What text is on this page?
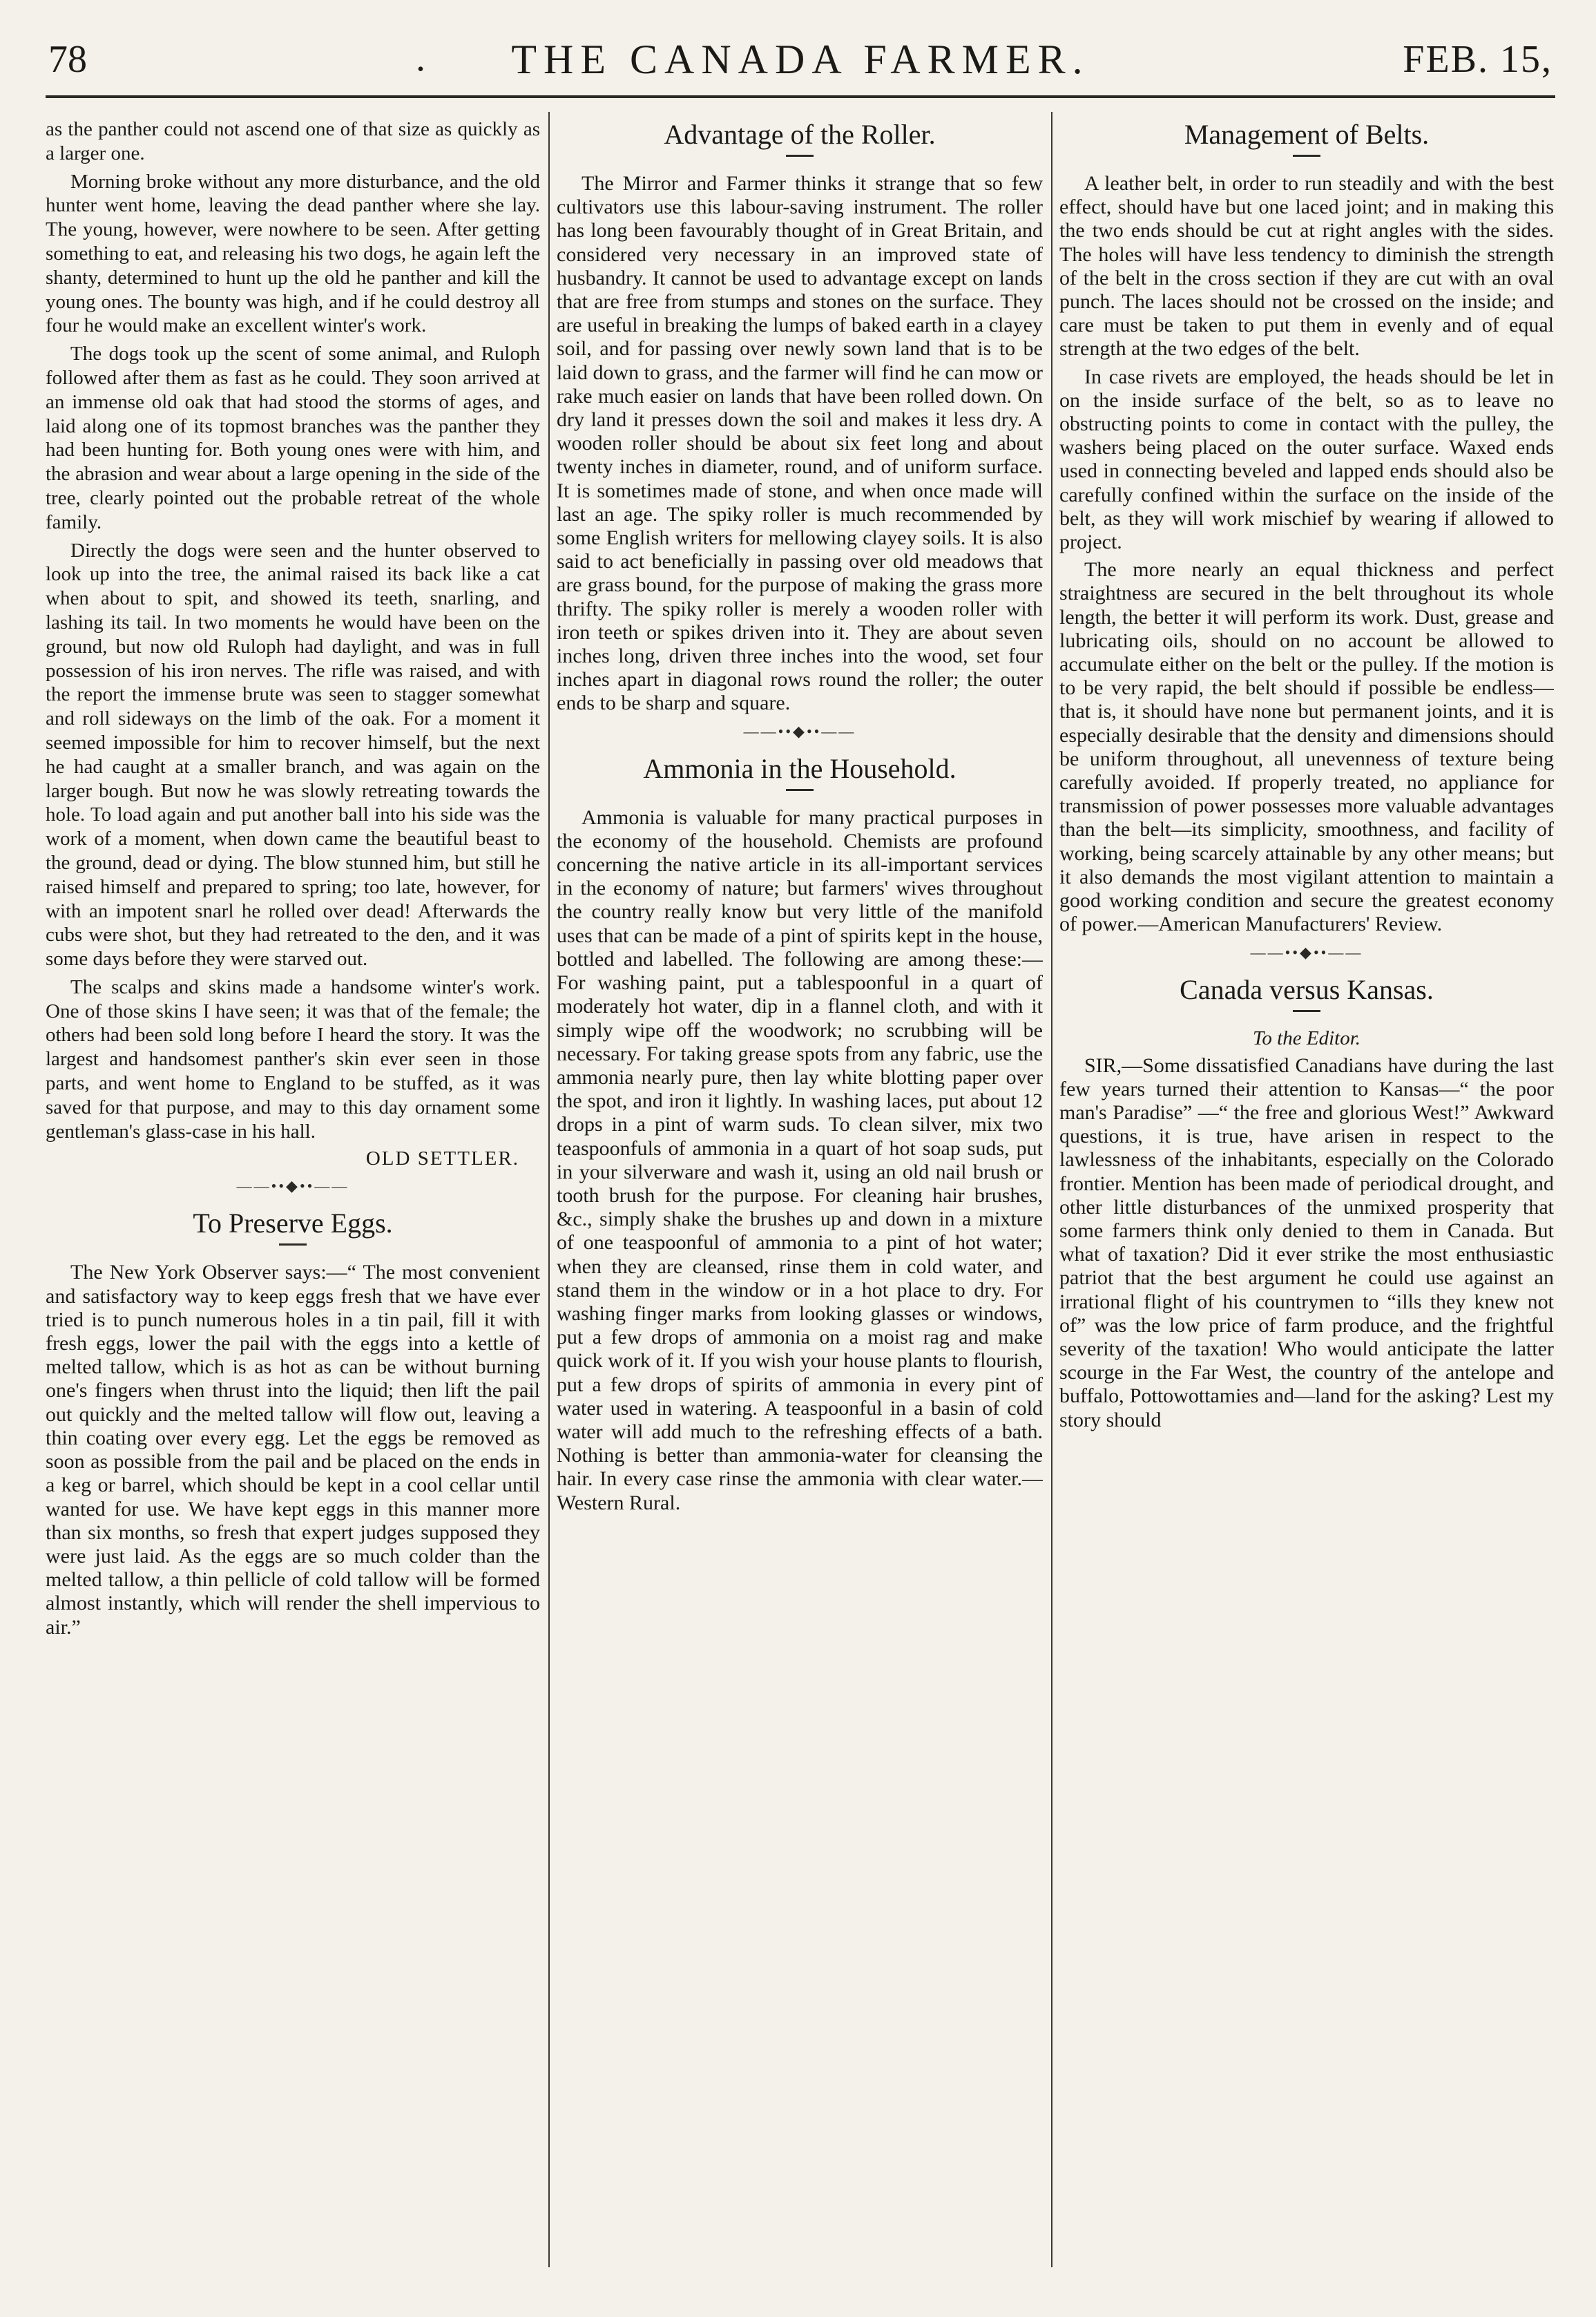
78	.	THE CANADA FARMER.	FEB. 15,

as the panther could not ascend one of that size as quickly as a larger one.

Morning broke without any more disturbance, and the old hunter went home, leaving the dead panther where she lay. The young, however, were nowhere to be seen. After getting something to eat, and releasing his two dogs, he again left the shanty, determined to hunt up the old he panther and kill the young ones. The bounty was high, and if he could destroy all four he would make an excellent winter's work.

The dogs took up the scent of some animal, and Ruloph followed after them as fast as he could. They soon arrived at an immense old oak that had stood the storms of ages, and laid along one of its topmost branches was the panther they had been hunting for. Both young ones were with him, and the abrasion and wear about a large opening in the side of the tree, clearly pointed out the probable retreat of the whole family.

Directly the dogs were seen and the hunter observed to look up into the tree, the animal raised its back like a cat when about to spit, and showed its teeth, snarling, and lashing its tail. In two moments he would have been on the ground, but now old Ruloph had daylight, and was in full possession of his iron nerves. The rifle was raised, and with the report the immense brute was seen to stagger somewhat and roll sideways on the limb of the oak. For a moment it seemed impossible for him to recover himself, but the next he had caught at a smaller branch, and was again on the larger bough. But now he was slowly retreating towards the hole. To load again and put another ball into his side was the work of a moment, when down came the beautiful beast to the ground, dead or dying. The blow stunned him, but still he raised himself and prepared to spring; too late, however, for with an impotent snarl he rolled over dead! Afterwards the cubs were shot, but they had retreated to the den, and it was some days before they were starved out.

The scalps and skins made a handsome winter's work. One of those skins I have seen; it was that of the female; the others had been sold long before I heard the story. It was the largest and handsomest panther's skin ever seen in those parts, and went home to England to be stuffed, as it was saved for that purpose, and may to this day ornament some gentleman's glass-case in his hall.

OLD SETTLER.
——••◆••——
To Preserve Eggs.

The New York Observer says:—“ The most convenient and satisfactory way to keep eggs fresh that we have ever tried is to punch numerous holes in a tin pail, fill it with fresh eggs, lower the pail with the eggs into a kettle of melted tallow, which is as hot as can be without burning one's fingers when thrust into the liquid; then lift the pail out quickly and the melted tallow will flow out, leaving a thin coating over every egg. Let the eggs be removed as soon as possible from the pail and be placed on the ends in a keg or barrel, which should be kept in a cool cellar until wanted for use. We have kept eggs in this manner more than six months, so fresh that expert judges supposed they were just laid. As the eggs are so much colder than the melted tallow, a thin pellicle of cold tallow will be formed almost instantly, which will render the shell impervious to air.”

Advantage of the Roller.

The Mirror and Farmer thinks it strange that so few cultivators use this labour-saving instrument. The roller has long been favourably thought of in Great Britain, and considered very necessary in an improved state of husbandry. It cannot be used to advantage except on lands that are free from stumps and stones on the surface. They are useful in breaking the lumps of baked earth in a clayey soil, and for passing over newly sown land that is to be laid down to grass, and the farmer will find he can mow or rake much easier on lands that have been rolled down. On dry land it presses down the soil and makes it less dry. A wooden roller should be about six feet long and about twenty inches in diameter, round, and of uniform surface. It is sometimes made of stone, and when once made will last an age. The spiky roller is much recommended by some English writers for mellowing clayey soils. It is also said to act beneficially in passing over old meadows that are grass bound, for the purpose of making the grass more thrifty. The spiky roller is merely a wooden roller with iron teeth or spikes driven into it. They are about seven inches long, driven three inches into the wood, set four inches apart in diagonal rows round the roller; the outer ends to be sharp and square.

——••◆••——
Ammonia in the Household.

Ammonia is valuable for many practical purposes in the economy of the household. Chemists are profound concerning the native article in its all-important services in the economy of nature; but farmers' wives throughout the country really know but very little of the manifold uses that can be made of a pint of spirits kept in the house, bottled and labelled. The following are among these:—For washing paint, put a tablespoonful in a quart of moderately hot water, dip in a flannel cloth, and with it simply wipe off the woodwork; no scrubbing will be necessary. For taking grease spots from any fabric, use the ammonia nearly pure, then lay white blotting paper over the spot, and iron it lightly. In washing laces, put about 12 drops in a pint of warm suds. To clean silver, mix two teaspoonfuls of ammonia in a quart of hot soap suds, put in your silverware and wash it, using an old nail brush or tooth brush for the purpose. For cleaning hair brushes, &c., simply shake the brushes up and down in a mixture of one teaspoonful of ammonia to a pint of hot water; when they are cleansed, rinse them in cold water, and stand them in the window or in a hot place to dry. For washing finger marks from looking glasses or windows, put a few drops of ammonia on a moist rag and make quick work of it. If you wish your house plants to flourish, put a few drops of spirits of ammonia in every pint of water used in watering. A teaspoonful in a basin of cold water will add much to the refreshing effects of a bath. Nothing is better than ammonia-water for cleansing the hair. In every case rinse the ammonia with clear water.—Western Rural.

Management of Belts.

A leather belt, in order to run steadily and with the best effect, should have but one laced joint; and in making this the two ends should be cut at right angles with the sides. The holes will have less tendency to diminish the strength of the belt in the cross section if they are cut with an oval punch. The laces should not be crossed on the inside; and care must be taken to put them in evenly and of equal strength at the two edges of the belt.

In case rivets are employed, the heads should be let in on the inside surface of the belt, so as to leave no obstructing points to come in contact with the pulley, the washers being placed on the outer surface. Waxed ends used in connecting beveled and lapped ends should also be carefully confined within the surface on the inside of the belt, as they will work mischief by wearing if allowed to project.

The more nearly an equal thickness and perfect straightness are secured in the belt throughout its whole length, the better it will perform its work. Dust, grease and lubricating oils, should on no account be allowed to accumulate either on the belt or the pulley. If the motion is to be very rapid, the belt should if possible be endless—that is, it should have none but permanent joints, and it is especially desirable that the density and dimensions should be uniform throughout, all unevenness of texture being carefully avoided. If properly treated, no appliance for transmission of power possesses more valuable advantages than the belt—its simplicity, smoothness, and facility of working, being scarcely attainable by any other means; but it also demands the most vigilant attention to maintain a good working condition and secure the greatest economy of power.—American Manufacturers' Review.

——••◆••——
Canada versus Kansas.
To the Editor.

SIR,—Some dissatisfied Canadians have during the last few years turned their attention to Kansas—“ the poor man's Paradise” —“ the free and glorious West!” Awkward questions, it is true, have arisen in respect to the lawlessness of the inhabitants, especially on the Colorado frontier. Mention has been made of periodical drought, and other little disturbances of the unmixed prosperity that some farmers think only denied to them in Canada. But what of taxation? Did it ever strike the most enthusiastic patriot that the best argument he could use against an irrational flight of his countrymen to “ills they knew not of” was the low price of farm produce, and the frightful severity of the taxation! Who would anticipate the latter scourge in the Far West, the country of the antelope and buffalo, Pottowottamies and—land for the asking? Lest my story should
